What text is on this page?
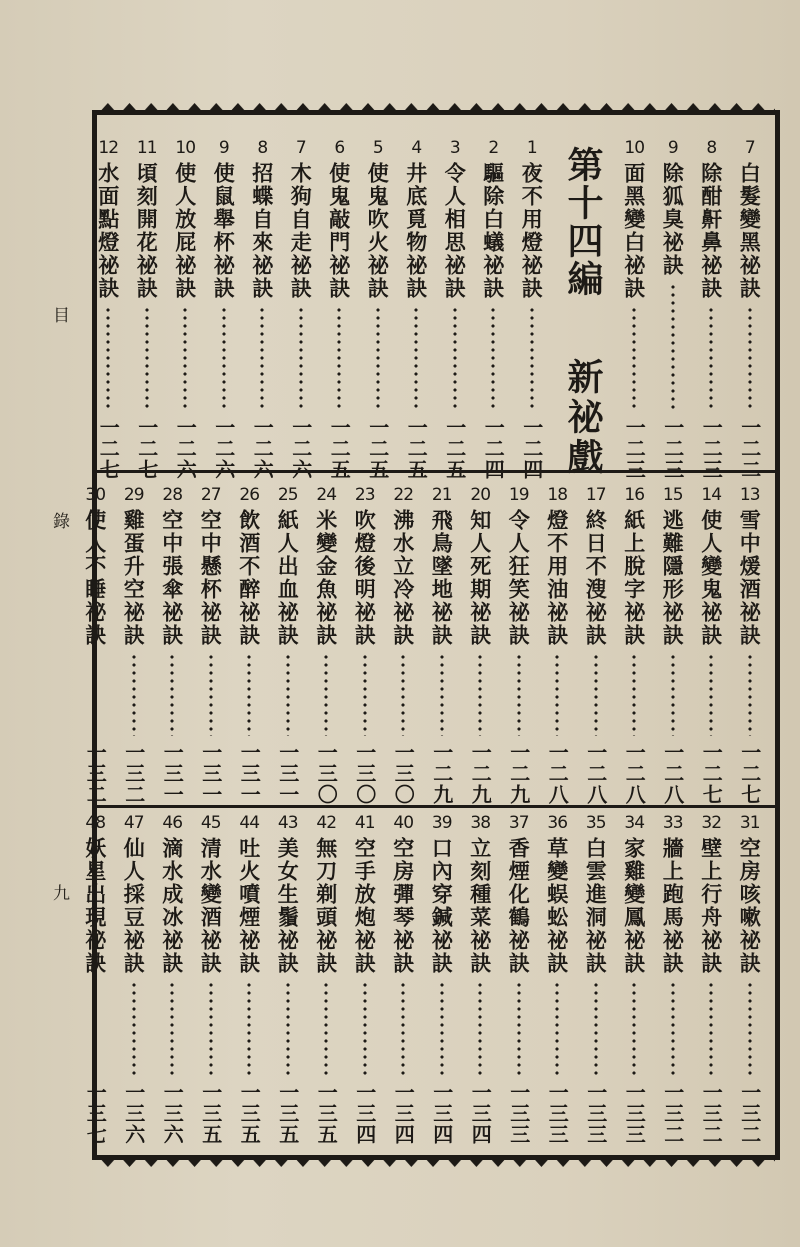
目
錄
九
7
白髮變黑祕訣
一二二
8
除酣鼾鼻祕訣
一二三
9
除狐臭祕訣
一二三
10
面黑變白祕訣
一二三
第十四編
新祕戲
1
夜不用燈祕訣
一二四
2
驅除白蟻祕訣
一二四
3
令人相思祕訣
一二五
4
井底覓物祕訣
一二五
5
使鬼吹火祕訣
一二五
6
使鬼敲門祕訣
一二五
7
木狗自走祕訣
一二六
8
招蝶自來祕訣
一二六
9
使鼠舉杯祕訣
一二六
10
使人放屁祕訣
一二六
11
頃刻開花祕訣
一二七
12
水面點燈祕訣
一二七
13
雪中煖酒祕訣
一二七
14
使人變鬼祕訣
一二七
15
逃難隱形祕訣
一二八
16
紙上脫字祕訣
一二八
17
終日不溲祕訣
一二八
18
燈不用油祕訣
一二八
19
令人狂笑祕訣
一二九
20
知人死期祕訣
一二九
21
飛鳥墜地祕訣
一二九
22
沸水立冷祕訣
一三〇
23
吹燈後明祕訣
一三〇
24
米變金魚祕訣
一三〇
25
紙人出血祕訣
一三一
26
飲酒不醉祕訣
一三一
27
空中懸杯祕訣
一三一
28
空中張傘祕訣
一三一
29
雞蛋升空祕訣
一三二
30
使人不睡祕訣
一三二
31
空房咳嗽祕訣
一三二
32
壁上行舟祕訣
一三二
33
牆上跑馬祕訣
一三二
34
家雞變鳳祕訣
一三三
35
白雲進洞祕訣
一三三
36
草變蜈蚣祕訣
一三三
37
香煙化鶴祕訣
一三三
38
立刻種菜祕訣
一三四
39
口內穿鍼祕訣
一三四
40
空房彈琴祕訣
一三四
41
空手放炮祕訣
一三四
42
無刀剃頭祕訣
一三五
43
美女生鬚祕訣
一三五
44
吐火噴煙祕訣
一三五
45
清水變酒祕訣
一三五
46
滴水成冰祕訣
一三六
47
仙人採豆祕訣
一三六
48
妖星出現祕訣
一三七
